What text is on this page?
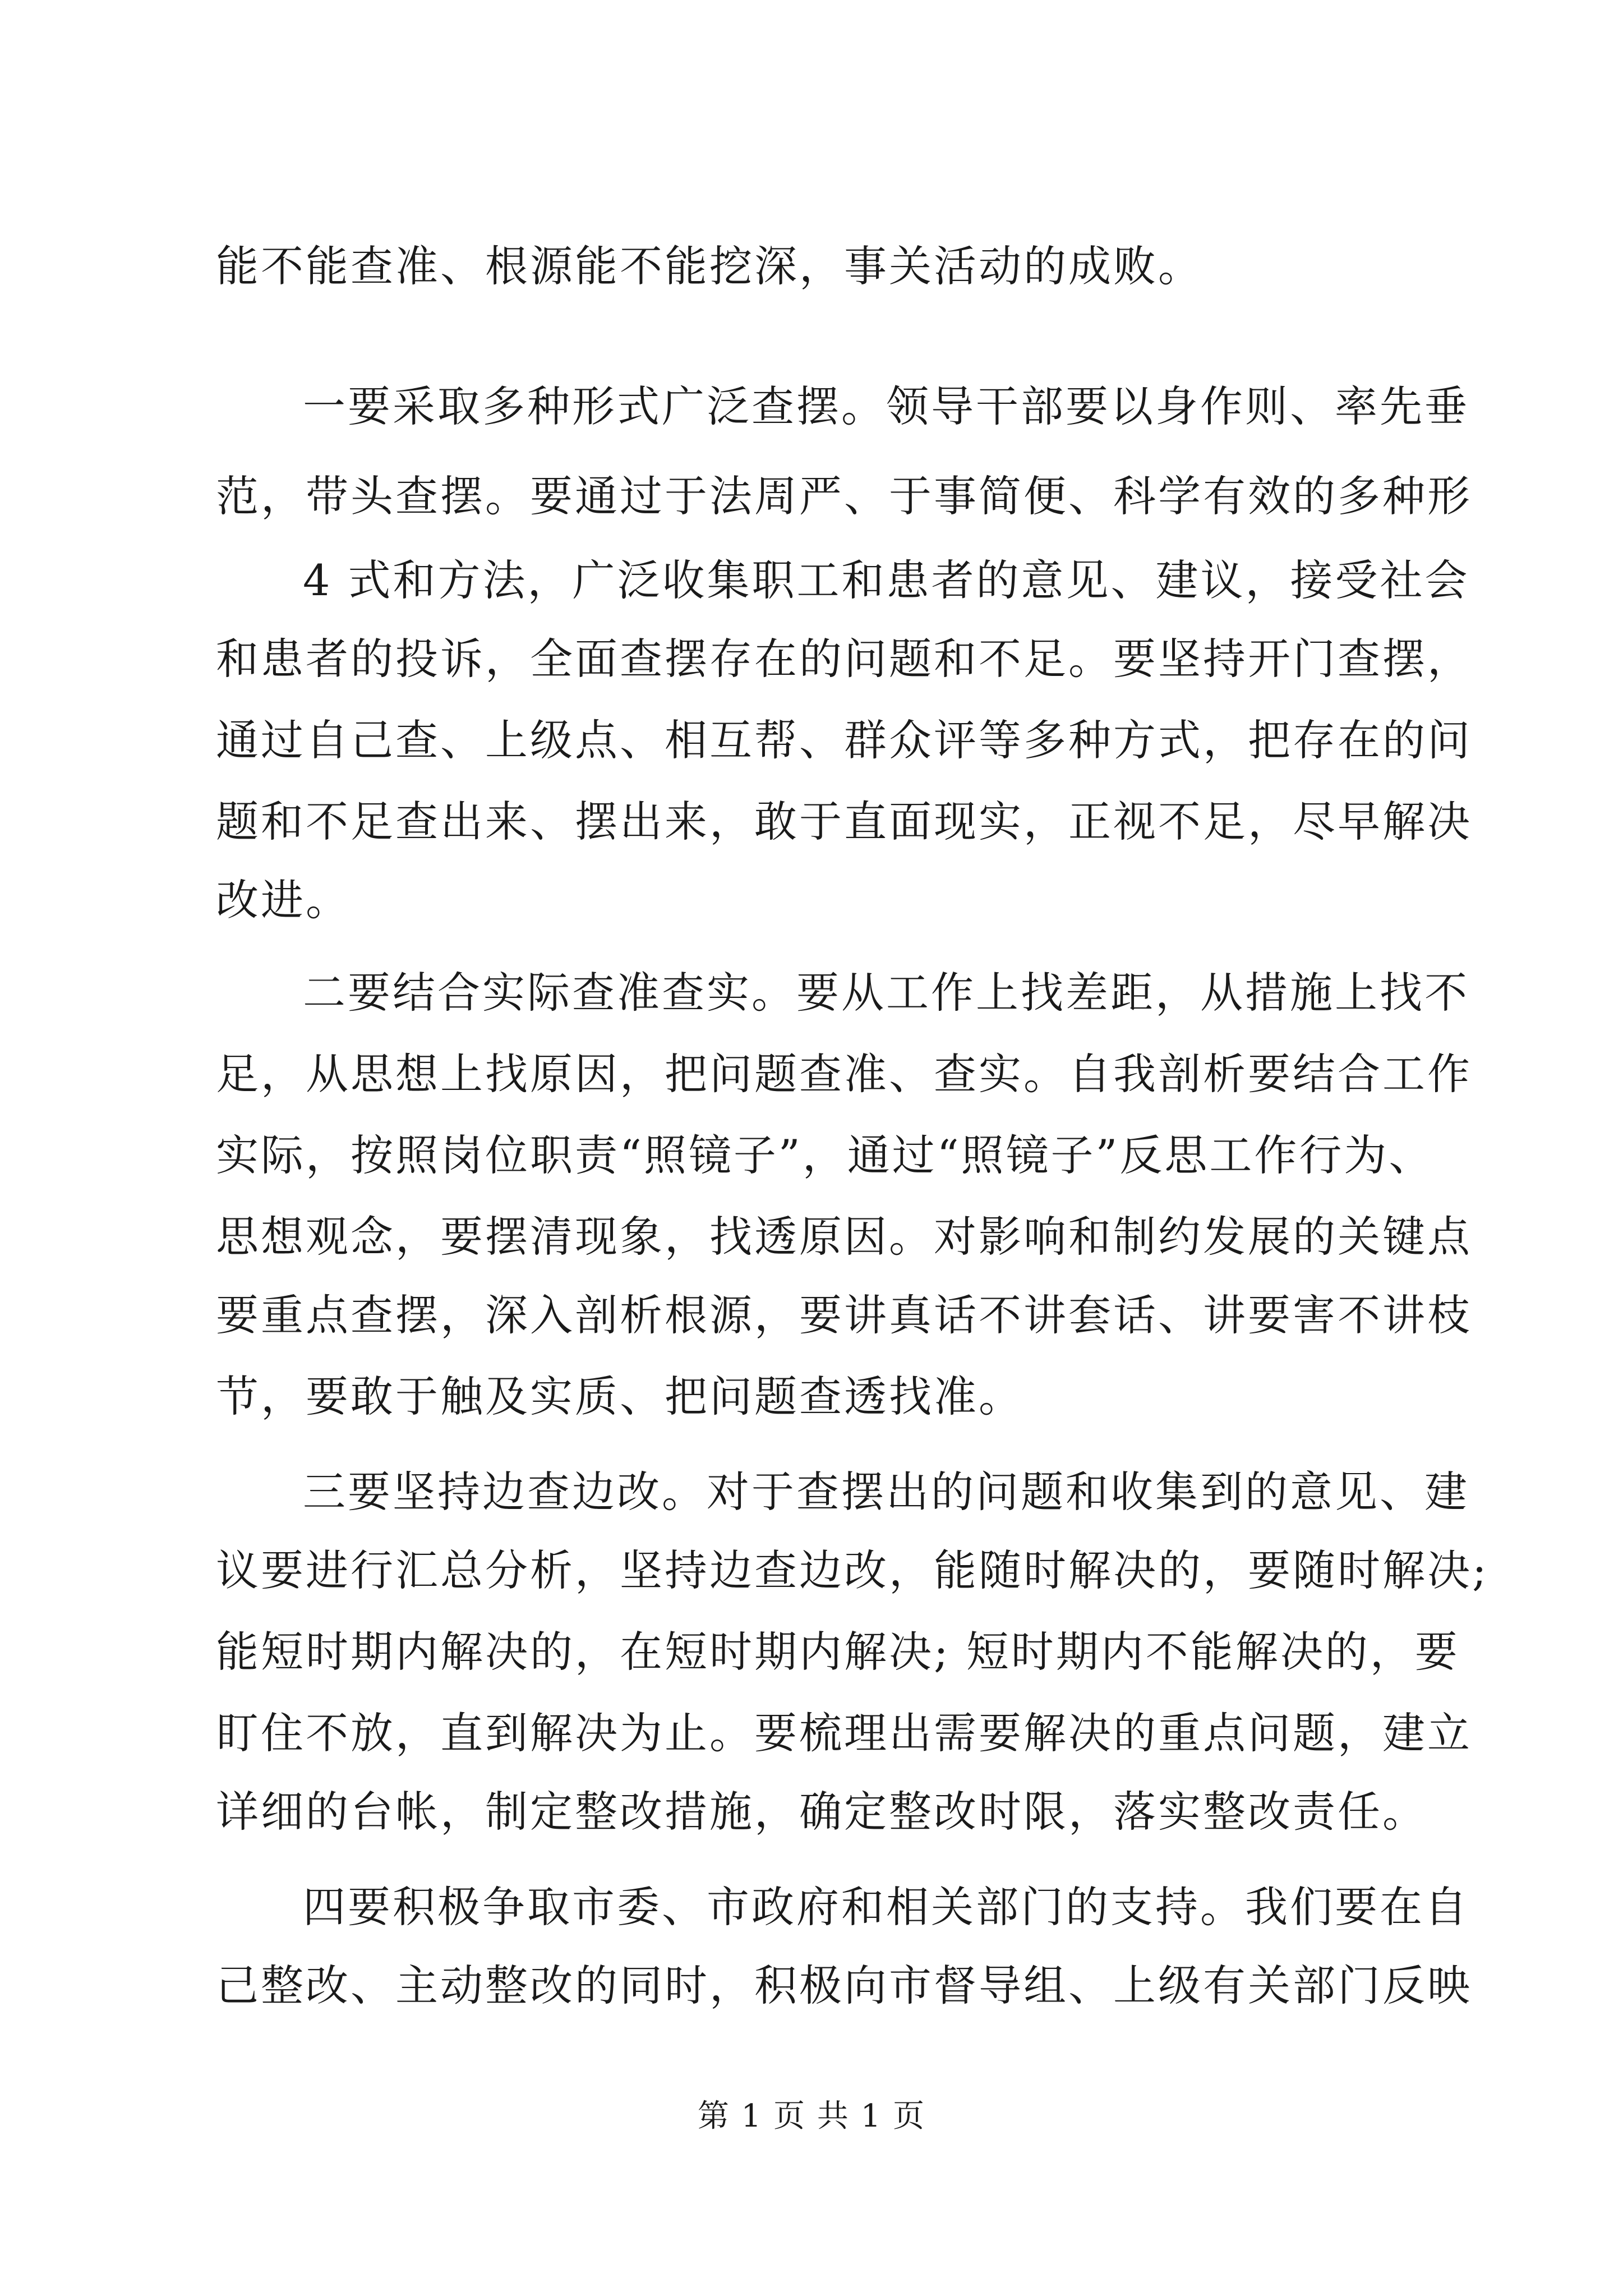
能不能查准、根源能不能挖深，事关活动的成败。
一要采取多种形式广泛查摆。领导干部要以身作则、率先垂
范，带头查摆。要通过于法周严、于事简便、科学有效的多种形
4 式和方法，广泛收集职工和患者的意见、建议，接受社会
和患者的投诉，全面查摆存在的问题和不足。要坚持开门查摆，
通过自己查、上级点、相互帮、群众评等多种方式，把存在的问
题和不足查出来、摆出来，敢于直面现实，正视不足，尽早解决
改进。
二要结合实际查准查实。要从工作上找差距，从措施上找不
足，从思想上找原因，把问题查准、查实。自我剖析要结合工作
实际，按照岗位职责“照镜子”，通过“照镜子”反思工作行为、
思想观念，要摆清现象，找透原因。对影响和制约发展的关键点
要重点查摆，深入剖析根源，要讲真话不讲套话、讲要害不讲枝
节，要敢于触及实质、把问题查透找准。
三要坚持边查边改。对于查摆出的问题和收集到的意见、建
议要进行汇总分析，坚持边查边改，能随时解决的，要随时解决;
能短时期内解决的，在短时期内解决; 短时期内不能解决的，要
盯住不放，直到解决为止。要梳理出需要解决的重点问题，建立
详细的台帐，制定整改措施，确定整改时限，落实整改责任。
四要积极争取市委、市政府和相关部门的支持。我们要在自
己整改、主动整改的同时，积极向市督导组、上级有关部门反映
第 1 页 共 1 页
